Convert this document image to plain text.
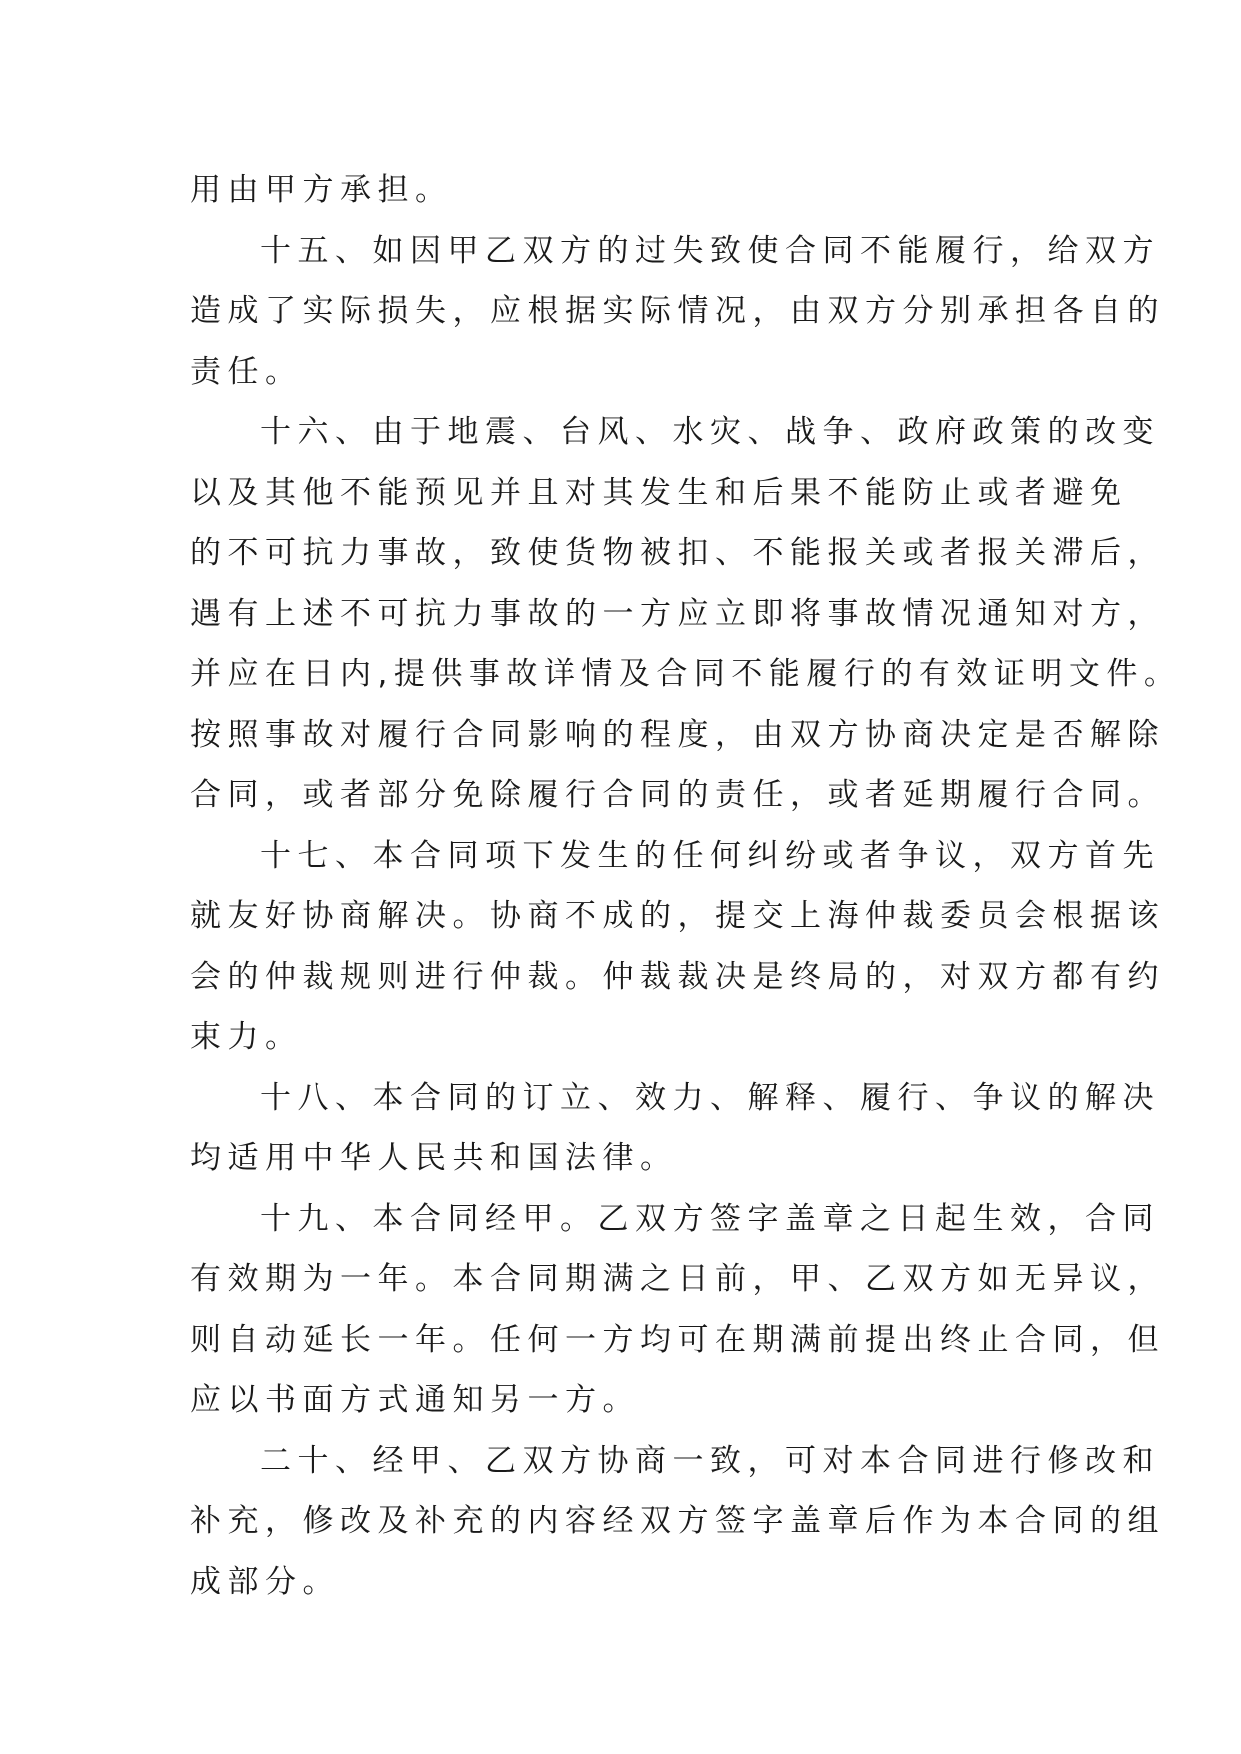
用由甲方承担。
十五、如因甲乙双方的过失致使合同不能履行，给双方
造成了实际损失，应根据实际情况，由双方分别承担各自的
责任。
十六、由于地震、台风、水灾、战争、政府政策的改变
以及其他不能预见并且对其发生和后果不能防止或者避免
的不可抗力事故，致使货物被扣、不能报关或者报关滞后，
遇有上述不可抗力事故的一方应立即将事故情况通知对方，
并应在日内,提供事故详情及合同不能履行的有效证明文件。
按照事故对履行合同影响的程度，由双方协商决定是否解除
合同，或者部分免除履行合同的责任，或者延期履行合同。
十七、本合同项下发生的任何纠纷或者争议，双方首先
就友好协商解决。协商不成的，提交上海仲裁委员会根据该
会的仲裁规则进行仲裁。仲裁裁决是终局的，对双方都有约
束力。
十八、本合同的订立、效力、解释、履行、争议的解决
均适用中华人民共和国法律。
十九、本合同经甲。乙双方签字盖章之日起生效，合同
有效期为一年。本合同期满之日前，甲、乙双方如无异议，
则自动延长一年。任何一方均可在期满前提出终止合同，但
应以书面方式通知另一方。
二十、经甲、乙双方协商一致，可对本合同进行修改和
补充，修改及补充的内容经双方签字盖章后作为本合同的组
成部分。
